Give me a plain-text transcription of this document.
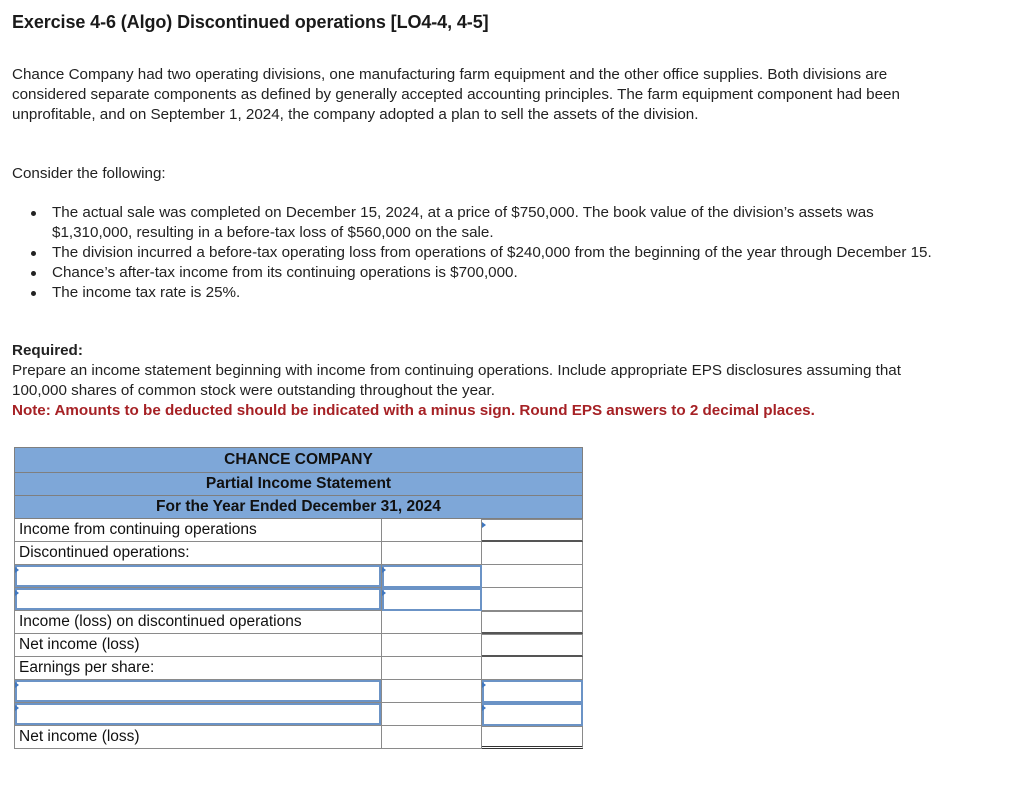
Exercise 4-6 (Algo) Discontinued operations [LO4-4, 4-5]

Chance Company had two operating divisions, one manufacturing farm equipment and the other office supplies. Both divisions are considered separate components as defined by generally accepted accounting principles. The farm equipment component had been unprofitable, and on September 1, 2024, the company adopted a plan to sell the assets of the division.

Consider the following:

The actual sale was completed on December 15, 2024, at a price of $750,000. The book value of the division’s assets was $1,310,000, resulting in a before-tax loss of $560,000 on the sale.
The division incurred a before-tax operating loss from operations of $240,000 from the beginning of the year through December 15.
Chance’s after-tax income from its continuing operations is $700,000.
The income tax rate is 25%.
Required:
Prepare an income statement beginning with income from continuing operations. Include appropriate EPS disclosures assuming that 100,000 shares of common stock were outstanding throughout the year.
Note: Amounts to be deducted should be indicated with a minus sign. Round EPS answers to 2 decimal places.
CHANCE COMPANY
Partial Income Statement
For the Year Ended December 31, 2024
Income from continuing operations
Discontinued operations:
Income (loss) on discontinued operations
Net income (loss)
Earnings per share:
Net income (loss)
